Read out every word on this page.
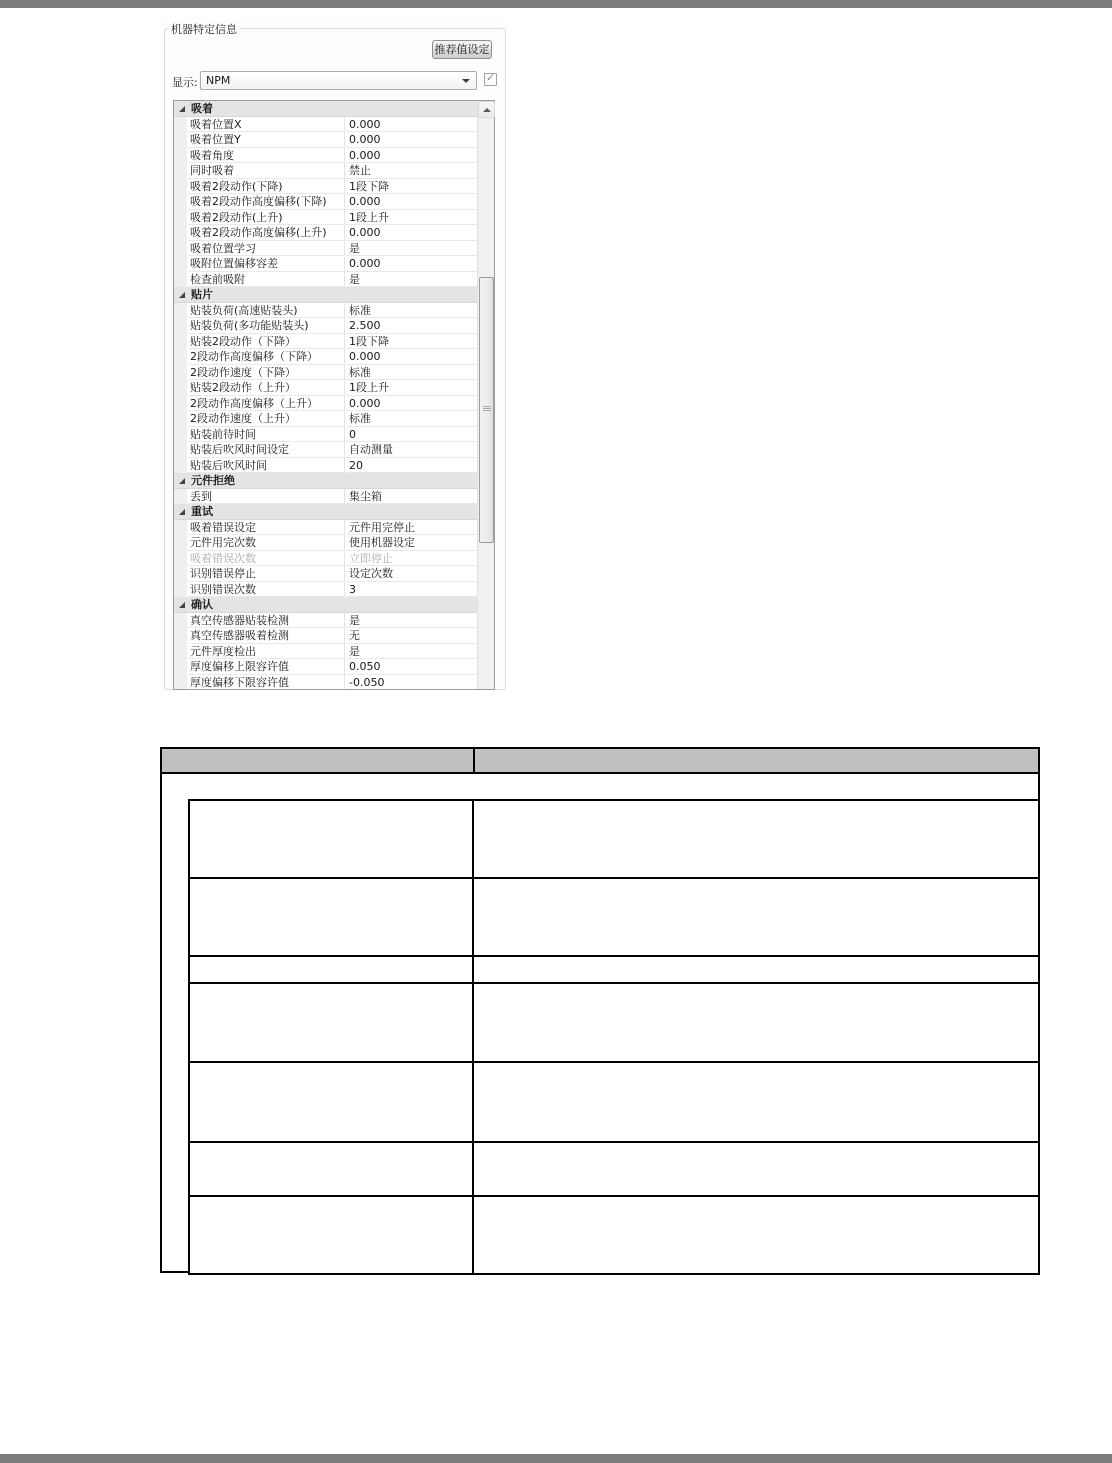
机器特定信息
推荐值设定
显示: NPM	✓
吸着
吸着位置X	0.000
吸着位置Y	0.000
吸着角度	0.000
同时吸着	禁止
吸着2段动作(下降)	1段下降
吸着2段动作高度偏移(下降)	0.000
吸着2段动作(上升)	1段上升
吸着2段动作高度偏移(上升)	0.000
吸着位置学习	是
吸附位置偏移容差	0.000
检查前吸附	是
贴片
贴装负荷(高速贴装头)	标准
贴装负荷(多功能贴装头)	2.500
贴装2段动作（下降）	1段下降
2段动作高度偏移（下降）	0.000
2段动作速度（下降）	标准
贴装2段动作（上升）	1段上升
2段动作高度偏移（上升）	0.000
2段动作速度（上升）	标准
贴装前待时间	0
贴装后吹风时间设定	自动测量
贴装后吹风时间	20
元件拒绝
丢到	集尘箱
重试
吸着错误设定	元件用完停止
元件用完次数	使用机器设定
吸着错误次数	立即停止
识别错误停止	设定次数
识别错误次数	3
确认
真空传感器贴装检测	是
真空传感器吸着检测	无
元件厚度检出	是
厚度偏移上限容许值	0.050
厚度偏移下限容许值	-0.050
